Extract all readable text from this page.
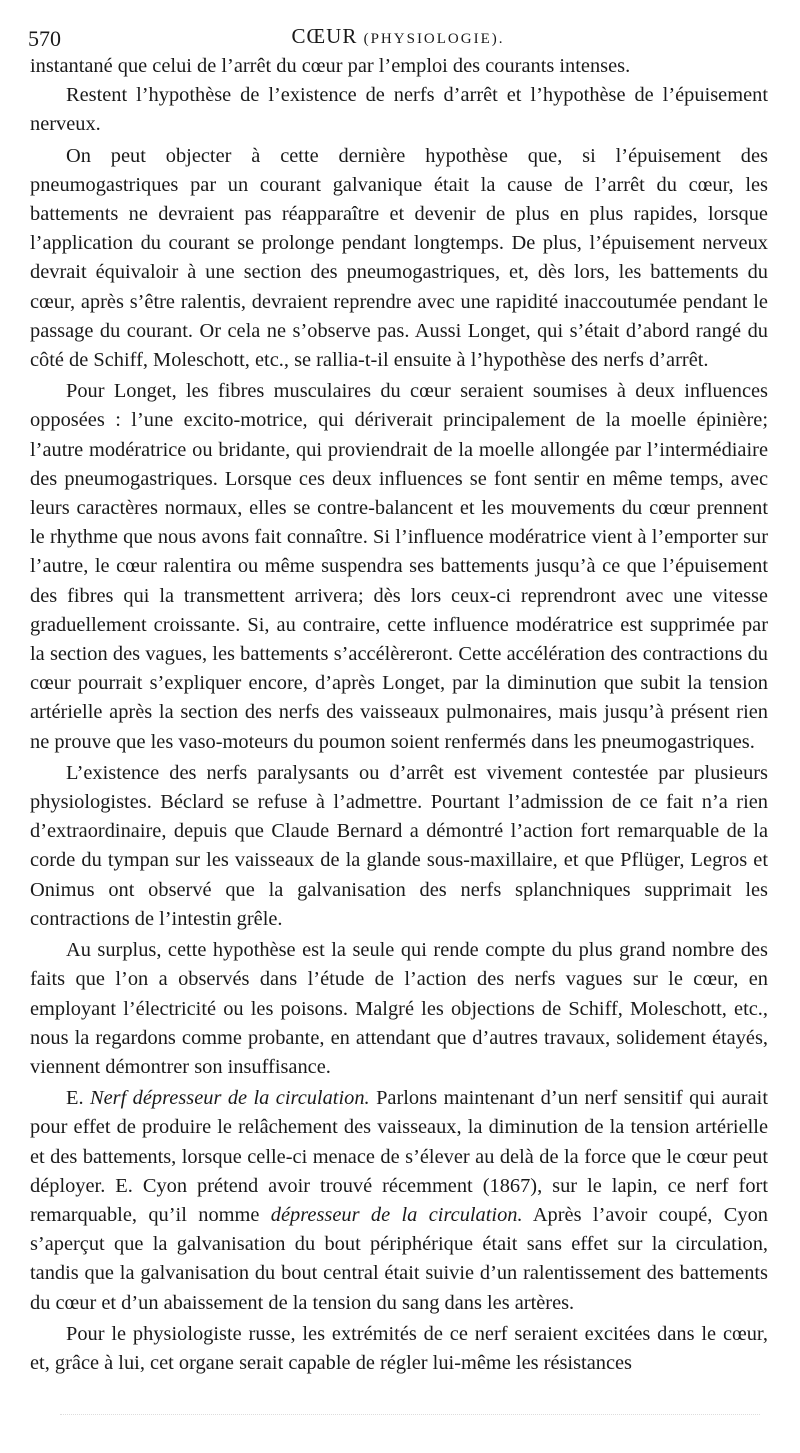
570	CŒUR (PHYSIOLOGIE).

instantané que celui de l’arrêt du cœur par l’emploi des courants intenses.

Restent l’hypothèse de l’existence de nerfs d’arrêt et l’hypothèse de l’épuisement nerveux.

On peut objecter à cette dernière hypothèse que, si l’épuisement des pneumogastriques par un courant galvanique était la cause de l’arrêt du cœur, les battements ne devraient pas réapparaître et devenir de plus en plus rapides, lorsque l’application du courant se prolonge pendant longtemps. De plus, l’épuisement nerveux devrait équivaloir à une section des pneumogastriques, et, dès lors, les battements du cœur, après s’être ralentis, devraient reprendre avec une rapidité inaccoutumée pendant le passage du courant. Or cela ne s’observe pas. Aussi Longet, qui s’était d’abord rangé du côté de Schiff, Moleschott, etc., se rallia-t-il ensuite à l’hypothèse des nerfs d’arrêt.

Pour Longet, les fibres musculaires du cœur seraient soumises à deux influences opposées : l’une excito-motrice, qui dériverait principalement de la moelle épinière; l’autre modératrice ou bridante, qui proviendrait de la moelle allongée par l’intermédiaire des pneumogastriques. Lorsque ces deux influences se font sentir en même temps, avec leurs caractères normaux, elles se contre-balancent et les mouvements du cœur prennent le rhythme que nous avons fait connaître. Si l’influence modératrice vient à l’emporter sur l’autre, le cœur ralentira ou même suspendra ses battements jusqu’à ce que l’épuisement des fibres qui la transmettent arrivera; dès lors ceux-ci reprendront avec une vitesse graduellement croissante. Si, au contraire, cette influence modératrice est supprimée par la section des vagues, les battements s’accélèreront. Cette accélération des contractions du cœur pourrait s’expliquer encore, d’après Longet, par la diminution que subit la tension artérielle après la section des nerfs des vaisseaux pulmonaires, mais jusqu’à présent rien ne prouve que les vaso-moteurs du poumon soient renfermés dans les pneumogastriques.

L’existence des nerfs paralysants ou d’arrêt est vivement contestée par plusieurs physiologistes. Béclard se refuse à l’admettre. Pourtant l’admission de ce fait n’a rien d’extraordinaire, depuis que Claude Bernard a démontré l’action fort remarquable de la corde du tympan sur les vaisseaux de la glande sous-maxillaire, et que Pflüger, Legros et Onimus ont observé que la galvanisation des nerfs splanchniques supprimait les contractions de l’intestin grêle.

Au surplus, cette hypothèse est la seule qui rende compte du plus grand nombre des faits que l’on a observés dans l’étude de l’action des nerfs vagues sur le cœur, en employant l’électricité ou les poisons. Malgré les objections de Schiff, Moleschott, etc., nous la regardons comme probante, en attendant que d’autres travaux, solidement étayés, viennent démontrer son insuffisance.

E. Nerf dépresseur de la circulation. Parlons maintenant d’un nerf sensitif qui aurait pour effet de produire le relâchement des vaisseaux, la diminution de la tension artérielle et des battements, lorsque celle-ci menace de s’élever au delà de la force que le cœur peut déployer. E. Cyon prétend avoir trouvé récemment (1867), sur le lapin, ce nerf fort remarquable, qu’il nomme dépresseur de la circulation. Après l’avoir coupé, Cyon s’aperçut que la galvanisation du bout périphérique était sans effet sur la circulation, tandis que la galvanisation du bout central était suivie d’un ralentissement des battements du cœur et d’un abaissement de la tension du sang dans les artères.

Pour le physiologiste russe, les extrémités de ce nerf seraient excitées dans le cœur, et, grâce à lui, cet organe serait capable de régler lui-même les résistances
